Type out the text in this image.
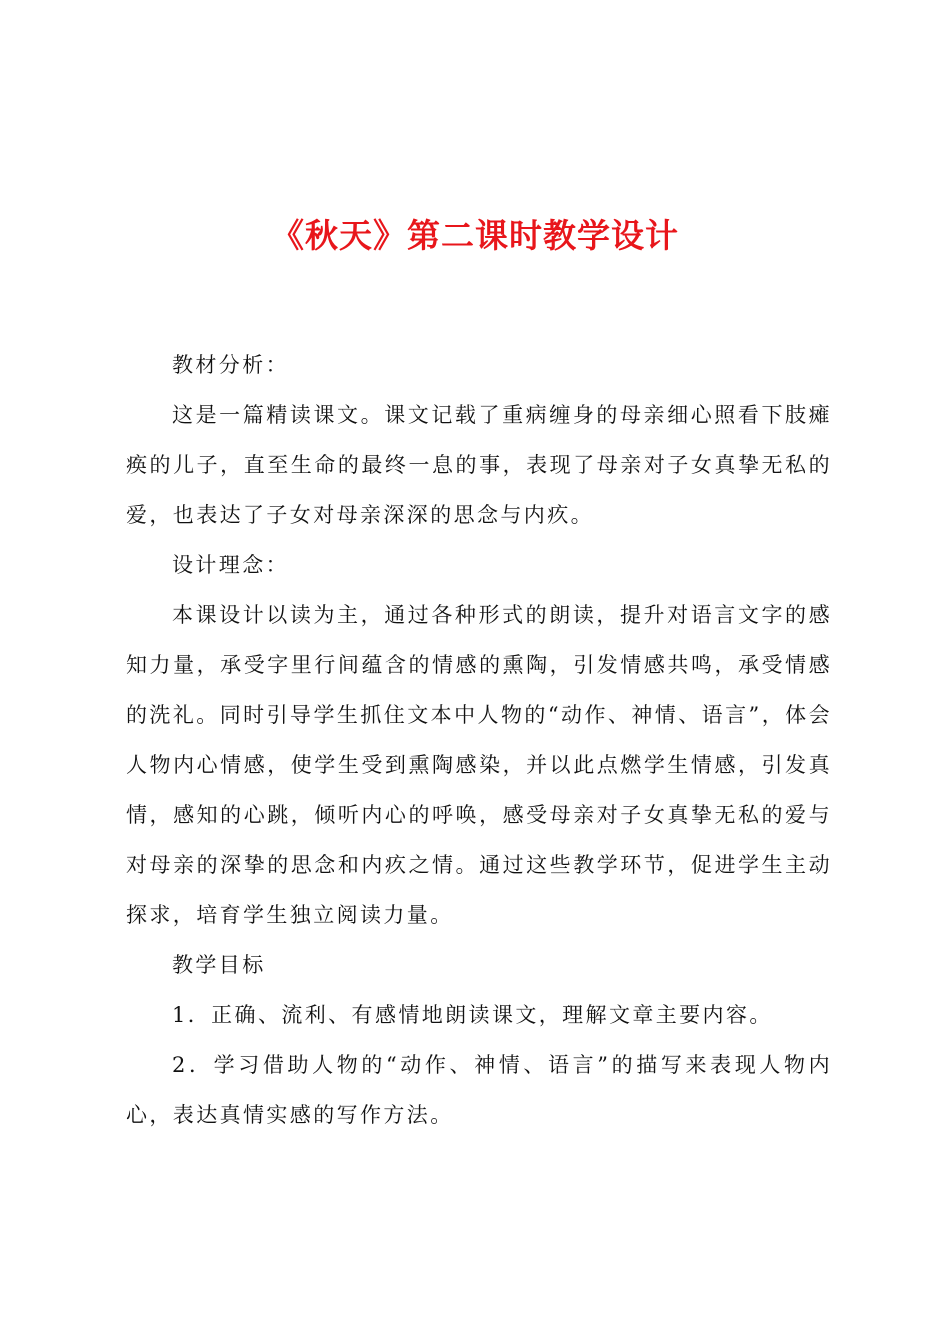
《秋天》第二课时教学设计

教材分析：

这是一篇精读课文。课文记载了重病缠身的母亲细心照看下肢瘫痪的儿子，直至生命的最终一息的事，表现了母亲对子女真挚无私的爱，也表达了子女对母亲深深的思念与内疚。

设计理念：

本课设计以读为主，通过各种形式的朗读，提升对语言文字的感知力量，承受字里行间蕴含的情感的熏陶，引发情感共鸣，承受情感的洗礼。同时引导学生抓住文本中人物的“动作、神情、语言”，体会人物内心情感，使学生受到熏陶感染，并以此点燃学生情感，引发真情，感知的心跳，倾听内心的呼唤，感受母亲对子女真挚无私的爱与对母亲的深挚的思念和内疚之情。通过这些教学环节，促进学生主动探求，培育学生独立阅读力量。

教学目标

1．正确、流利、有感情地朗读课文，理解文章主要内容。

2．学习借助人物的“动作、神情、语言”的描写来表现人物内心，表达真情实感的写作方法。
